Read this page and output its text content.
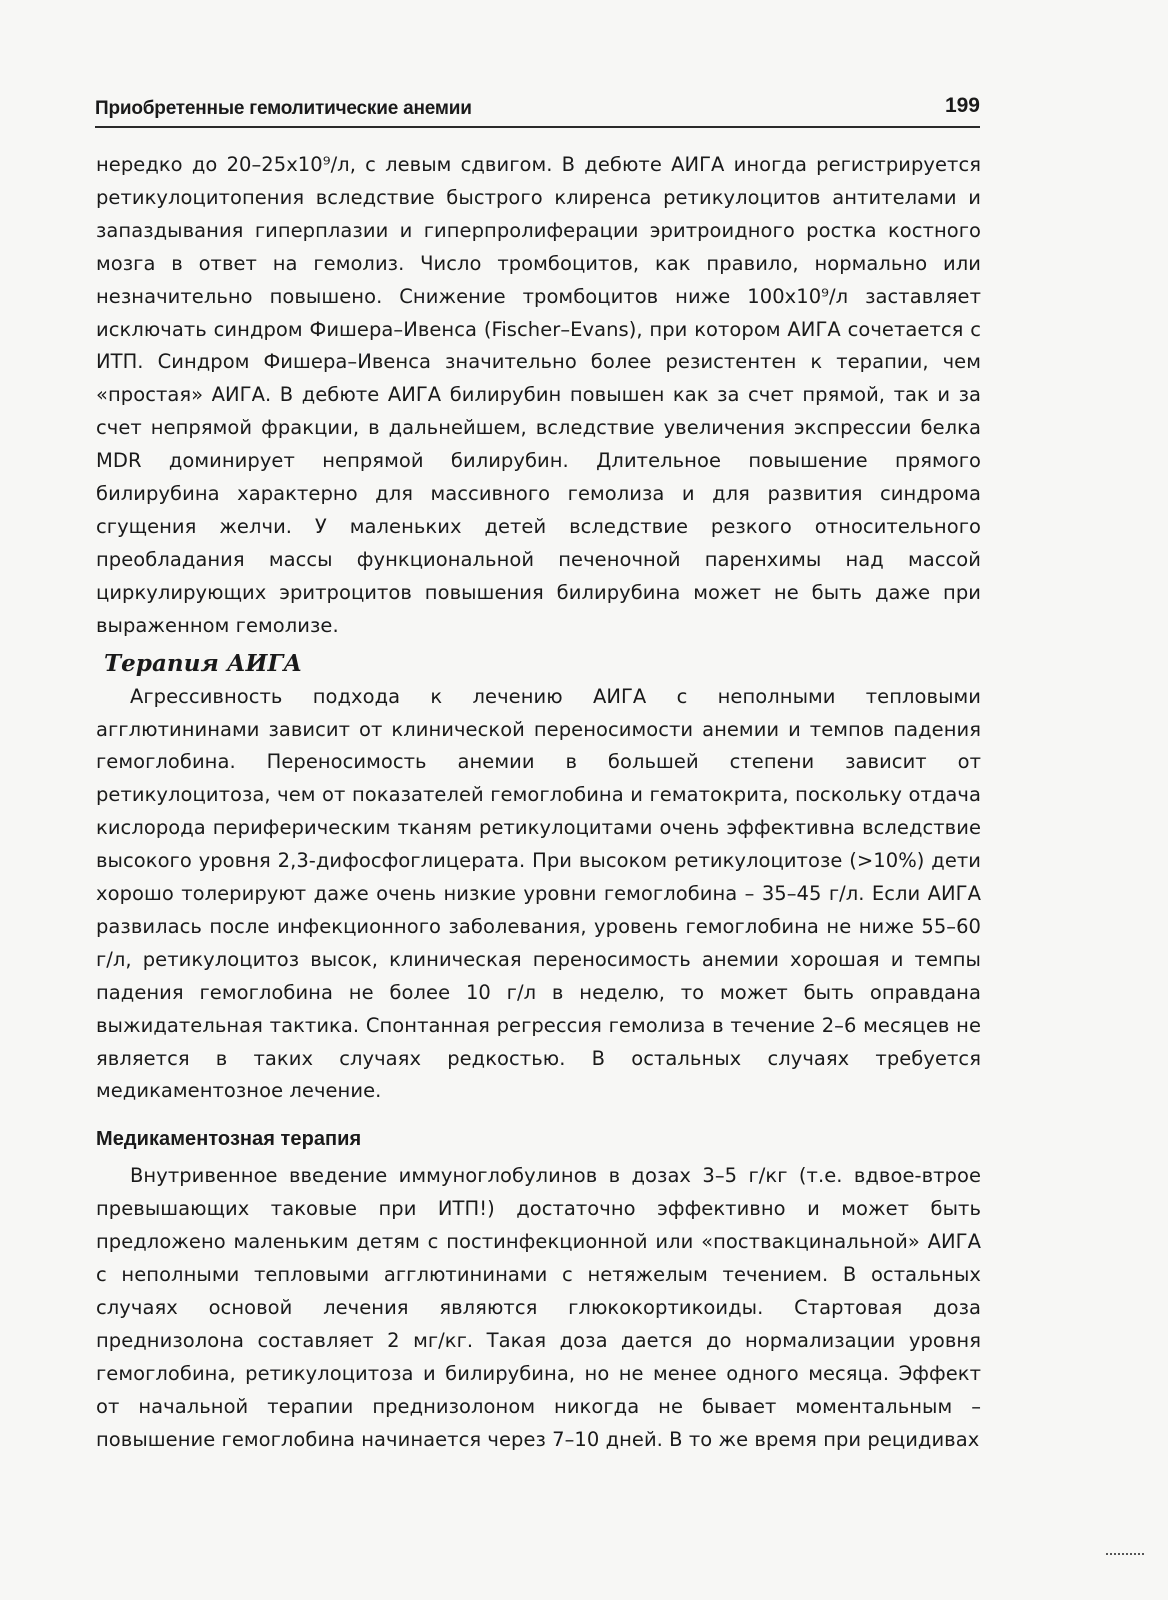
Приобретенные гемолитические анемии	199

нередко до 20–25x10⁹/л, с левым сдвигом. В дебюте АИГА иногда регистрируется ретикулоцитопения вследствие быстрого клиренса ретикулоцитов антителами и запаздывания гиперплазии и гиперпролиферации эритроидного ростка костного мозга в ответ на гемолиз. Число тромбоцитов, как правило, нормально или незначительно повышено. Снижение тромбоцитов ниже 100x10⁹/л заставляет исключать синдром Фишера–Ивенса (Fischer–Evans), при котором АИГА сочетается с ИТП. Синдром Фишера–Ивенса значительно более резистентен к терапии, чем «простая» АИГА. В дебюте АИГА билирубин повышен как за счет прямой, так и за счет непрямой фракции, в дальнейшем, вследствие увеличения экспрессии белка MDR доминирует непрямой билирубин. Длительное повышение прямого билирубина характерно для массивного гемолиза и для развития синдрома сгущения желчи. У маленьких детей вследствие резкого относительного преобладания массы функциональной печеночной паренхимы над массой циркулирующих эритроцитов повышения билирубина может не быть даже при выраженном гемолизе.

Терапия АИГА

Агрессивность подхода к лечению АИГА с неполными тепловыми агглютининами зависит от клинической переносимости анемии и темпов падения гемоглобина. Переносимость анемии в большей степени зависит от ретикулоцитоза, чем от показателей гемоглобина и гематокрита, поскольку отдача кислорода периферическим тканям ретикулоцитами очень эффективна вследствие высокого уровня 2,3-дифосфоглицерата. При высоком ретикулоцитозе (>10%) дети хорошо толерируют даже очень низкие уровни гемоглобина – 35–45 г/л. Если АИГА развилась после инфекционного заболевания, уровень гемоглобина не ниже 55–60 г/л, ретикулоцитоз высок, клиническая переносимость анемии хорошая и темпы падения гемоглобина не более 10 г/л в неделю, то может быть оправдана выжидательная тактика. Спонтанная регрессия гемолиза в течение 2–6 месяцев не является в таких случаях редкостью. В остальных случаях требуется медикаментозное лечение.

Медикаментозная терапия

Внутривенное введение иммуноглобулинов в дозах 3–5 г/кг (т.е. вдвое-втрое превышающих таковые при ИТП!) достаточно эффективно и может быть предложено маленьким детям с постинфекционной или «поствакцинальной» АИГА с неполными тепловыми агглютининами с нетяжелым течением. В остальных случаях основой лечения являются глюкокортикоиды. Стартовая доза преднизолона составляет 2 мг/кг. Такая доза дается до нормализации уровня гемоглобина, ретикулоцитоза и билирубина, но не менее одного месяца. Эффект от начальной терапии преднизолоном никогда не бывает моментальным – повышение гемоглобина начинается через 7–10 дней. В то же время при рецидивах
